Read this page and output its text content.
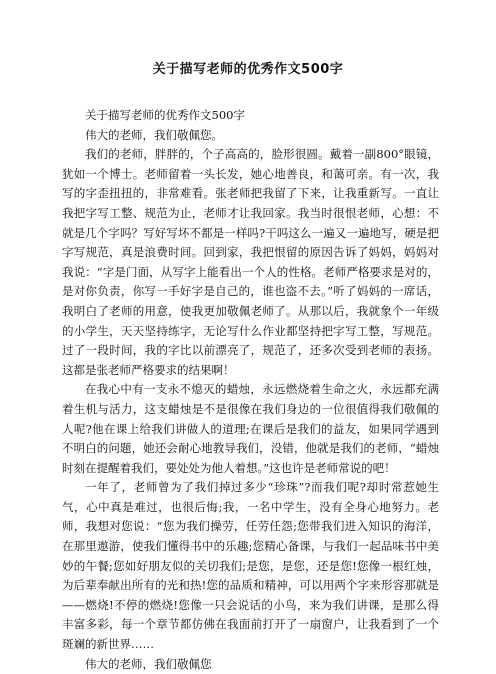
关于描写老师的优秀作文500字

关于描写老师的优秀作文500字

伟大的老师，我们敬佩您。

我们的老师，胖胖的，个子高高的，脸形很圆。戴着一副800°眼镜，犹如一个博士。老师留着一头长发，她心地善良，和蔼可亲。有一次，我写的字歪扭扭的，非常难看。张老师把我留了下来，让我重新写。一直让我把字写工整、规范为止，老师才让我回家。我当时很恨老师，心想：不就是几个字吗？写好写坏不都是一样吗?干吗这么一遍又一遍地写，硬是把字写规范，真是浪费时间。回到家，我把恨留的原因告诉了妈妈，妈妈对我说：“字是门面，从写字上能看出一个人的性格。老师严格要求是对的，是对你负责，你写一手好字是自己的，谁也盗不去。”听了妈妈的一席话，我明白了老师的用意，使我更加敬佩老师了。从那以后，我就象个一年级的小学生，天天坚持练字，无论写什么作业都坚持把字写工整，写规范。过了一段时间，我的字比以前漂亮了，规范了，还多次受到老师的表扬。这都是张老师严格要求的结果啊！

在我心中有一支永不熄灭的蜡烛，永远燃烧着生命之火，永远都充满着生机与活力，这支蜡烛是不是很像在我们身边的一位很值得我们敬佩的人呢?他在课上给我们讲做人的道理;在课后是我们的益友，如果同学遇到不明白的问题，她还会耐心地教导我们，没错，他就是我们的老师，“蜡烛时刻在提醒着我们，要处处为他人着想。”这也许是老师常说的吧！

一年了，老师曾为了我们掉过多少“珍珠”?而我们呢?却时常惹她生气，心中真是难过，也很后悔;我，一名中学生，没有全身心地努力。老师，我想对您说：“您为我们操劳，任劳任怨;您带我们进入知识的海洋，在那里遨游，使我们懂得书中的乐趣;您精心备课，与我们一起品味书中美妙的午餐;您如好朋友似的关切我们;是您，是您，还是您!您像一根红烛，为后辈奉献出所有的光和热!您的品质和精神，可以用两个字来形容那就是——燃烧!不停的燃烧!您像一只会说话的小鸟，来为我们讲课，是那么得丰富多彩，每一个章节都仿佛在我面前打开了一扇窗户，让我看到了一个斑斓的新世界……

伟大的老师，我们敬佩您
